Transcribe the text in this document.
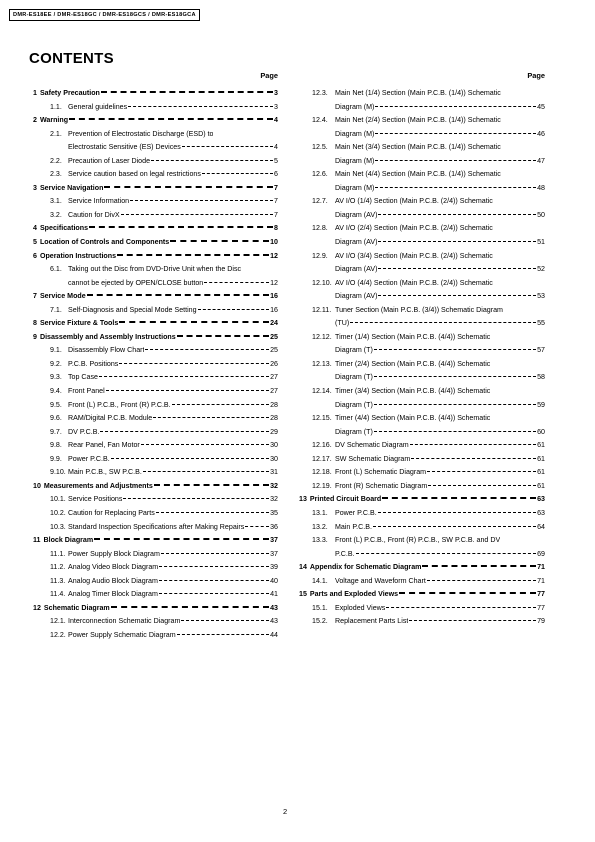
DMR-ES18EE / DMR-ES18GC / DMR-ES18GCS / DMR-ES18GCA
CONTENTS
Page
1 Safety Precaution	3
1.1. General guidelines	3
2 Warning	4
2.1. Prevention of Electrostatic Discharge (ESD) to
Electrostatic Sensitive (ES) Devices	4
2.2. Precaution of Laser Diode	5
2.3. Service caution based on legal restrictions	6
3 Service Navigation	7
3.1. Service Information	7
3.2. Caution for DivX	7
4 Specifications	8
5 Location of Controls and Components	10
6 Operation Instructions	12
6.1. Taking out the Disc from DVD-Drive Unit when the Disc
cannot be ejected by OPEN/CLOSE button	12
7 Service Mode	16
7.1. Self-Diagnosis and Special Mode Setting	16
8 Service Fixture & Tools	24
9 Disassembly and Assembly Instructions	25
9.1. Disassembly Flow Chart	25
9.2. P.C.B. Positions	26
9.3. Top Case	27
9.4. Front Panel	27
9.5. Front (L) P.C.B., Front (R) P.C.B.	28
9.6. RAM/Digital P.C.B. Module	28
9.7. DV P.C.B.	29
9.8. Rear Panel, Fan Motor	30
9.9. Power P.C.B.	30
9.10. Main P.C.B., SW P.C.B.	31
10 Measurements and Adjustments	32
10.1. Service Positions	32
10.2. Caution for Replacing Parts	35
10.3. Standard Inspection Specifications after Making Repairs	36
11 Block Diagram	37
11.1. Power Supply Block Diagram	37
11.2. Analog Video Block Diagram	39
11.3. Analog Audio Block Diagram	40
11.4. Analog Timer Block Diagram	41
12 Schematic Diagram	43
12.1. Interconnection Schematic Diagram	43
12.2. Power Supply Schematic Diagram	44
Page
12.3.	Main Net (1/4) Section (Main P.C.B. (1/4)) Schematic
Diagram (M)	45
12.4.	Main Net (2/4) Section (Main P.C.B. (1/4)) Schematic
Diagram (M)	46
12.5.	Main Net (3/4) Section (Main P.C.B. (1/4)) Schematic
Diagram (M)	47
12.6.	Main Net (4/4) Section (Main P.C.B. (1/4)) Schematic
Diagram (M)	48
12.7.	AV I/O (1/4) Section (Main P.C.B. (2/4)) Schematic
Diagram (AV)	50
12.8.	AV I/O (2/4) Section (Main P.C.B. (2/4)) Schematic
Diagram (AV)	51
12.9.	AV I/O (3/4) Section (Main P.C.B. (2/4)) Schematic
Diagram (AV)	52
12.10. AV I/O (4/4) Section (Main P.C.B. (2/4)) Schematic
Diagram (AV)	53
12.11. Tuner Section (Main P.C.B. (3/4)) Schematic Diagram
(TU)	55
12.12. Timer (1/4) Section (Main P.C.B. (4/4)) Schematic
Diagram (T)	57
12.13. Timer (2/4) Section (Main P.C.B. (4/4)) Schematic
Diagram (T)	58
12.14. Timer (3/4) Section (Main P.C.B. (4/4)) Schematic
Diagram (T)	59
12.15. Timer (4/4) Section (Main P.C.B. (4/4)) Schematic
Diagram (T)	60
12.16. DV Schematic Diagram	61
12.17. SW Schematic Diagram	61
12.18. Front (L) Schematic Diagram	61
12.19. Front (R) Schematic Diagram	61
13 Printed Circuit Board	63
13.1.	Power P.C.B.	63
13.2.	Main P.C.B.	64
13.3.	Front (L) P.C.B., Front (R) P.C.B., SW P.C.B. and DV
P.C.B.	69
14 Appendix for Schematic Diagram	71
14.1.	Voltage and Waveform Chart	71
15 Parts and Exploded Views	77
15.1.	Exploded Views	77
15.2.	Replacement Parts List	79
2
